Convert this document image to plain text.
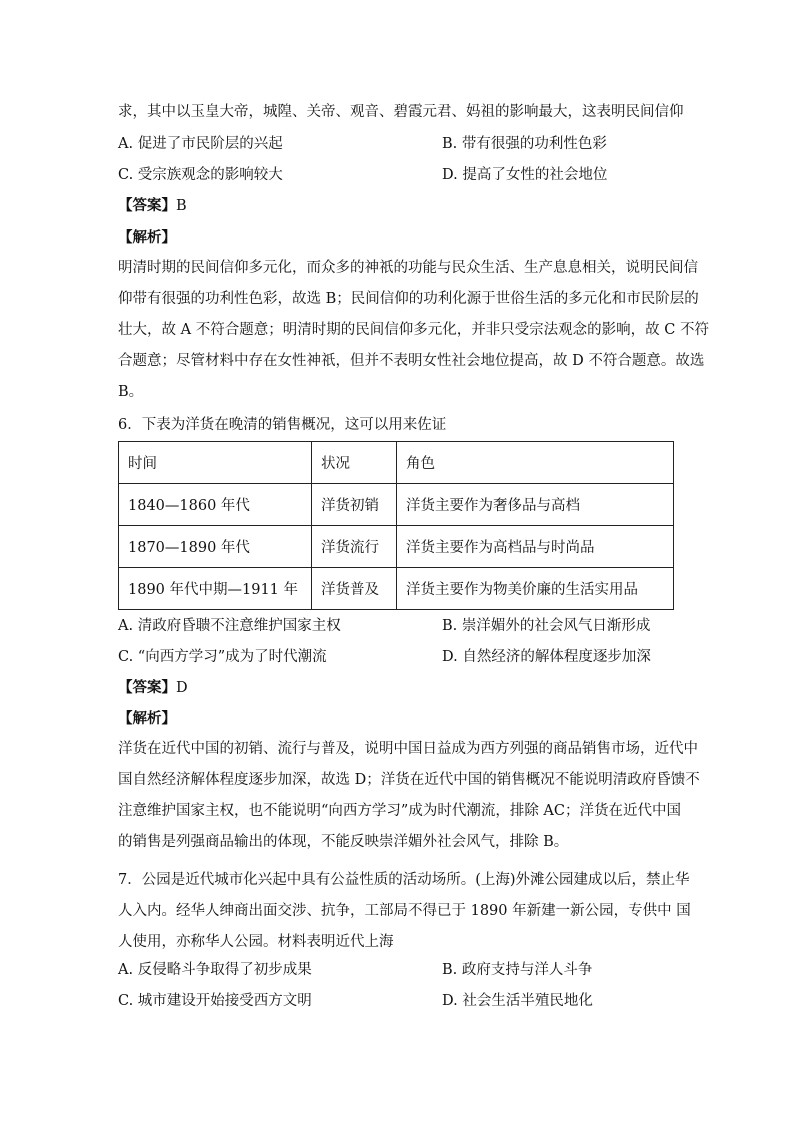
求，其中以玉皇大帝，城隍、关帝、观音、碧霞元君、妈祖的影响最大，这表明民间信仰
A. 促进了市民阶层的兴起	B. 带有很强的功利性色彩
C. 受宗族观念的影响较大	D. 提高了女性的社会地位
【答案】B
【解析】
明清时期的民间信仰多元化，而众多的神祇的功能与民众生活、生产息息相关，说明民间信
仰带有很强的功利性色彩，故选 B；民间信仰的功利化源于世俗生活的多元化和市民阶层的
壮大，故 A 不符合题意；明清时期的民间信仰多元化，并非只受宗法观念的影响，故 C 不符
合题意；尽管材料中存在女性神祇，但并不表明女性社会地位提高，故 D 不符合题意。故选
B。
6．下表为洋货在晚清的销售概况，这可以用来佐证
时间	状况	角色
1840—1860 年代	洋货初销	洋货主要作为奢侈品与高档
1870—1890 年代	洋货流行	洋货主要作为高档品与时尚品
1890 年代中期—1911 年	洋货普及	洋货主要作为物美价廉的生活实用品
A. 清政府昏聩不注意维护国家主权	B. 崇洋媚外的社会风气日渐形成
C. “向西方学习”成为了时代潮流	D. 自然经济的解体程度逐步加深
【答案】D
【解析】
洋货在近代中国的初销、流行与普及，说明中国日益成为西方列强的商品销售市场，近代中
国自然经济解体程度逐步加深，故选 D；洋货在近代中国的销售概况不能说明清政府昏馈不
注意维护国家主权，也不能说明“向西方学习”成为时代潮流，排除 AC；洋货在近代中国
的销售是列强商品输出的体现，不能反映崇洋媚外社会风气，排除 B。
7．公园是近代城市化兴起中具有公益性质的活动场所。(上海)外滩公园建成以后，禁止华
人入内。经华人绅商出面交涉、抗争，工部局不得已于 1890 年新建一新公园，专供中 国
人使用，亦称华人公园。材料表明近代上海
A. 反侵略斗争取得了初步成果	B. 政府支持与洋人斗争
C. 城市建设开始接受西方文明	D. 社会生活半殖民地化
